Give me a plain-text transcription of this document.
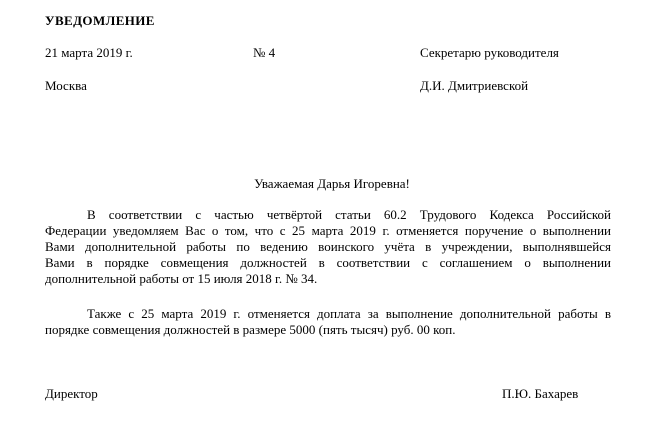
УВЕДОМЛЕНИЕ
21 марта 2019 г.	№ 4	Секретарю руководителя
Москва	Д.И. Дмитриевской
Уважаемая Дарья Игоревна!
В соответствии с частью четвёртой статьи 60.2 Трудового Кодекса Российской
Федерации уведомляем Вас о том, что с 25 марта 2019 г. отменяется поручение о выполнении
Вами дополнительной работы по ведению воинского учёта в учреждении, выполнявшейся
Вами в порядке совмещения должностей в соответствии с соглашением о выполнении
дополнительной работы от 15 июля 2018 г. № 34.
Также с 25 марта 2019 г. отменяется доплата за выполнение дополнительной работы в
порядке совмещения должностей в размере 5000 (пять тысяч) руб. 00 коп.
Директор	П.Ю. Бахарев
